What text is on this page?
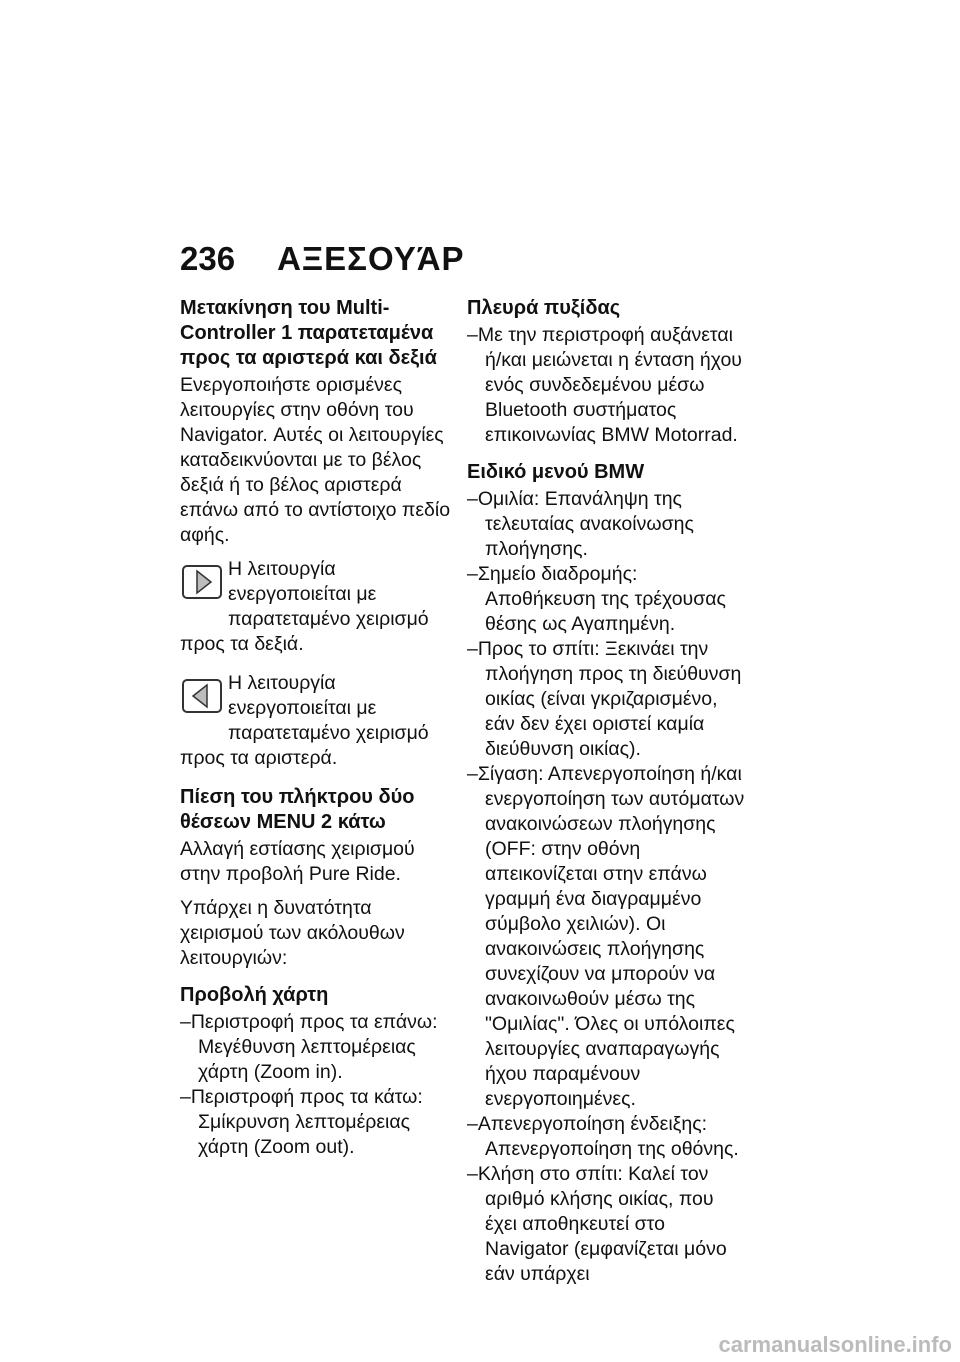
236 ΑΞΕΣΟΥΆΡ
Μετακίνηση του Multi-Controller 1 παρατεταμένα προς τα αριστερά και δεξιά

Ενεργοποιήστε ορισμένες λειτουργίες στην οθόνη του Navigator. Αυτές οι λειτουργίες καταδεικνύονται με το βέλος δεξιά ή το βέλος αριστερά επάνω από το αντίστοιχο πεδίο αφής.

Η λειτουργία ενεργοποιείται με παρατεταμένο χειρισμό
προς τα δεξιά.
Η λειτουργία ενεργοποιείται με παρατεταμένο χειρισμό
προς τα αριστερά.
Πίεση του πλήκτρου δύο θέσεων MENU 2 κάτω

Αλλαγή εστίασης χειρισμού στην προβολή Pure Ride.

Υπάρχει η δυνατότητα χειρισμού των ακόλουθων λειτουργιών:

Προβολή χάρτη
–Περιστροφή προς τα επάνω: Μεγέθυνση λεπτομέρειας χάρτη (Zoom in).
–Περιστροφή προς τα κάτω: Σμίκρυνση λεπτομέρειας χάρτη (Zoom out).
Πλευρά πυξίδας
–Με την περιστροφή αυξάνεται ή/και μειώνεται η ένταση ήχου ενός συνδεδεμένου μέσω Bluetooth συστήματος επικοινωνίας BMW Motorrad.
Ειδικό μενού BMW
–Ομιλία: Επανάληψη της τελευταίας ανακοίνωσης πλοήγησης.
–Σημείο διαδρομής: Αποθήκευση της τρέχουσας θέσης ως Αγαπημένη.
–Προς το σπίτι: Ξεκινάει την πλοήγηση προς τη διεύθυνση οικίας (είναι γκριζαρισμένο, εάν δεν έχει οριστεί καμία διεύθυνση οικίας).
–Σίγαση: Απενεργοποίηση ή/και ενεργοποίηση των αυτόματων ανακοινώσεων πλοήγησης (OFF: στην οθόνη απεικονίζεται στην επάνω γραμμή ένα διαγραμμένο σύμβολο χειλιών). Οι ανακοινώσεις πλοήγησης συνεχίζουν να μπορούν να ανακοινωθούν μέσω της "Ομιλίας". Όλες οι υπόλοιπες λειτουργίες αναπαραγωγής ήχου παραμένουν ενεργοποιημένες.
–Απενεργοποίηση ένδειξης: Απενεργοποίηση της οθόνης.
–Κλήση στο σπίτι: Καλεί τον αριθμό κλήσης οικίας, που έχει αποθηκευτεί στο Navigator (εμφανίζεται μόνο εάν υπάρχει
carmanualsonline.info
